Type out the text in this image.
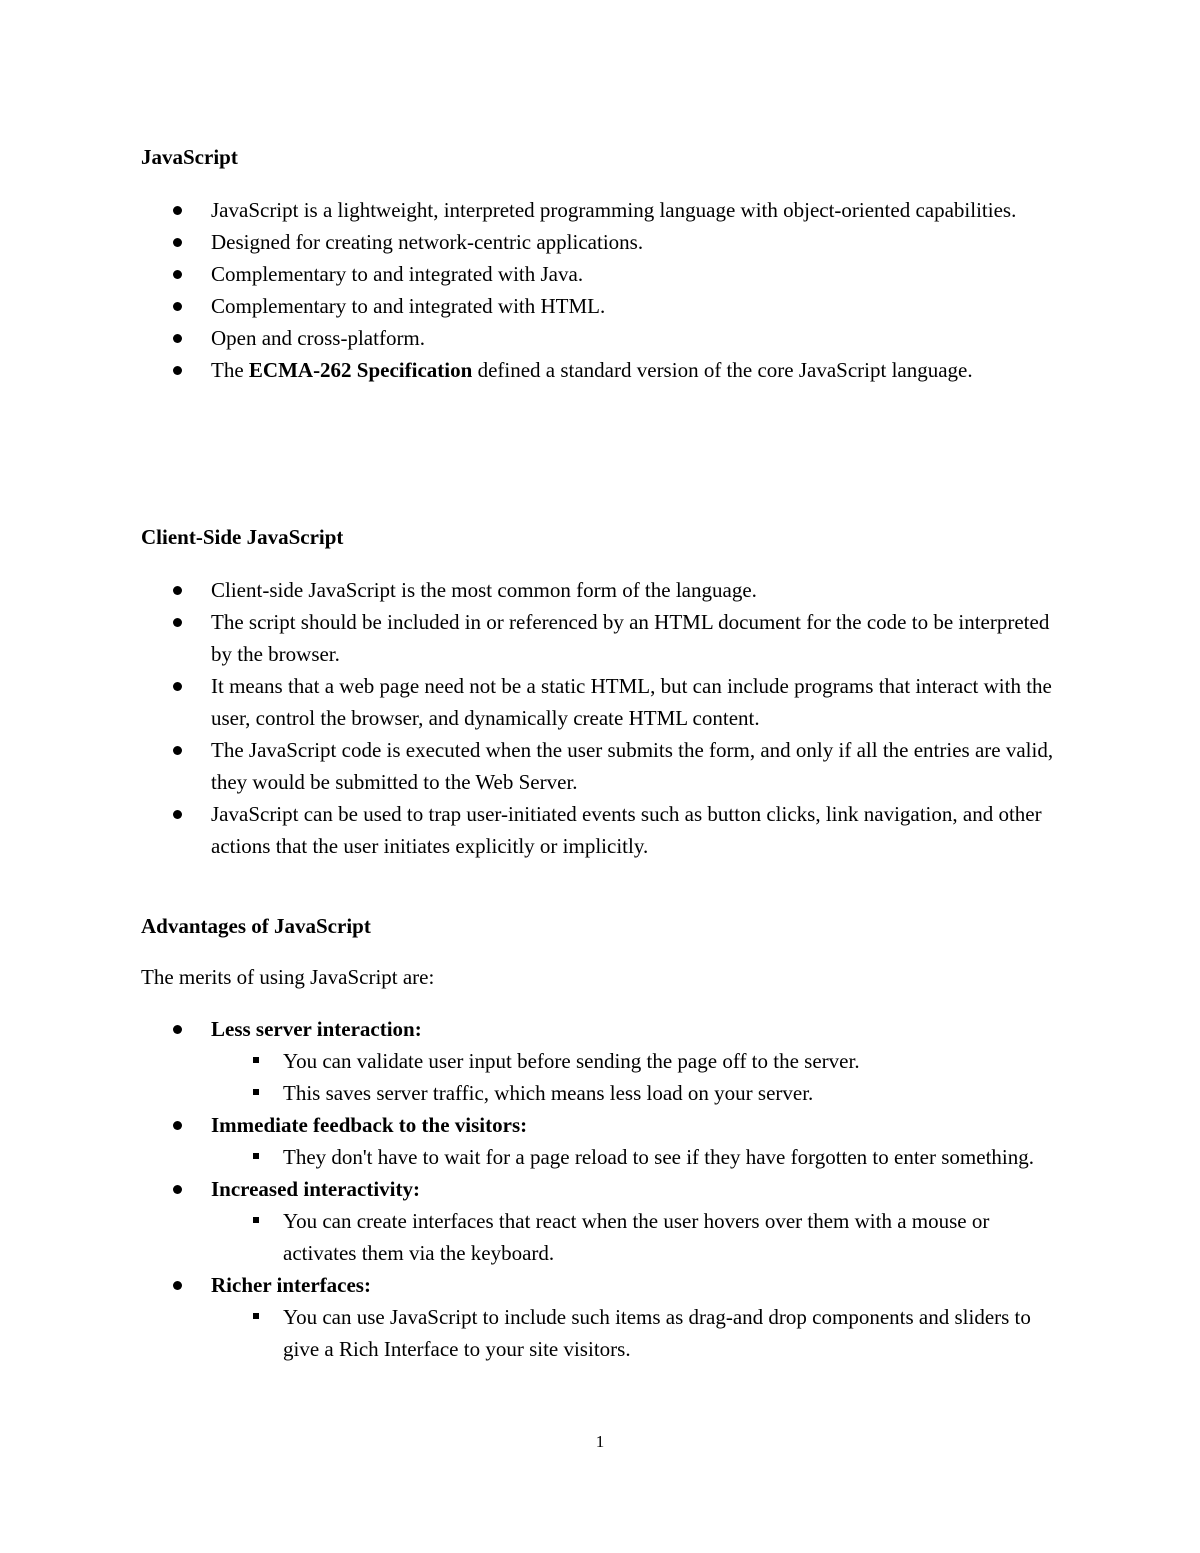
JavaScript
JavaScript is a lightweight, interpreted programming language with object-oriented capabilities.
Designed for creating network-centric applications.
Complementary to and integrated with Java.
Complementary to and integrated with HTML.
Open and cross-platform.
The ECMA-262 Specification defined a standard version of the core JavaScript language.
Client-Side JavaScript
Client-side JavaScript is the most common form of the language.
The script should be included in or referenced by an HTML document for the code to be interpreted by the browser.
It means that a web page need not be a static HTML, but can include programs that interact with the user, control the browser, and dynamically create HTML content.
The JavaScript code is executed when the user submits the form, and only if all the entries are valid, they would be submitted to the Web Server.
JavaScript can be used to trap user-initiated events such as button clicks, link navigation, and other actions that the user initiates explicitly or implicitly.
Advantages of JavaScript

The merits of using JavaScript are:

Less server interaction:
You can validate user input before sending the page off to the server.
This saves server traffic, which means less load on your server.
Immediate feedback to the visitors:
They don't have to wait for a page reload to see if they have forgotten to enter something.
Increased interactivity:
You can create interfaces that react when the user hovers over them with a mouse or activates them via the keyboard.
Richer interfaces:
You can use JavaScript to include such items as drag-and drop components and sliders to give a Rich Interface to your site visitors.
1
